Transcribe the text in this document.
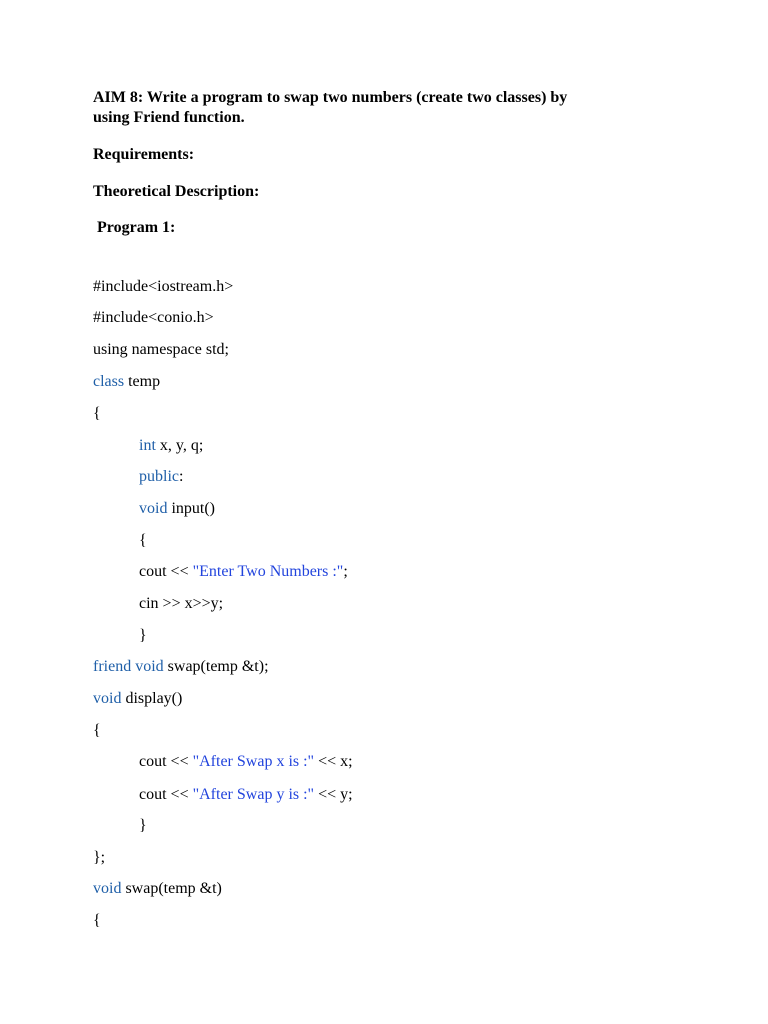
AIM 8: Write a program to swap two numbers (create two classes) by
using Friend function.
Requirements:
Theoretical Description:
Program 1:
#include<iostream.h>
#include<conio.h>
using namespace std;
class temp
{
int x, y, q;
public:
void input()
{
cout << "Enter Two Numbers :";
cin >> x>>y;
}
friend void swap(temp &t);
void display()
{
cout << "After Swap x is :" << x;
cout << "After Swap y is :" << y;
}
};
void swap(temp &t)
{
